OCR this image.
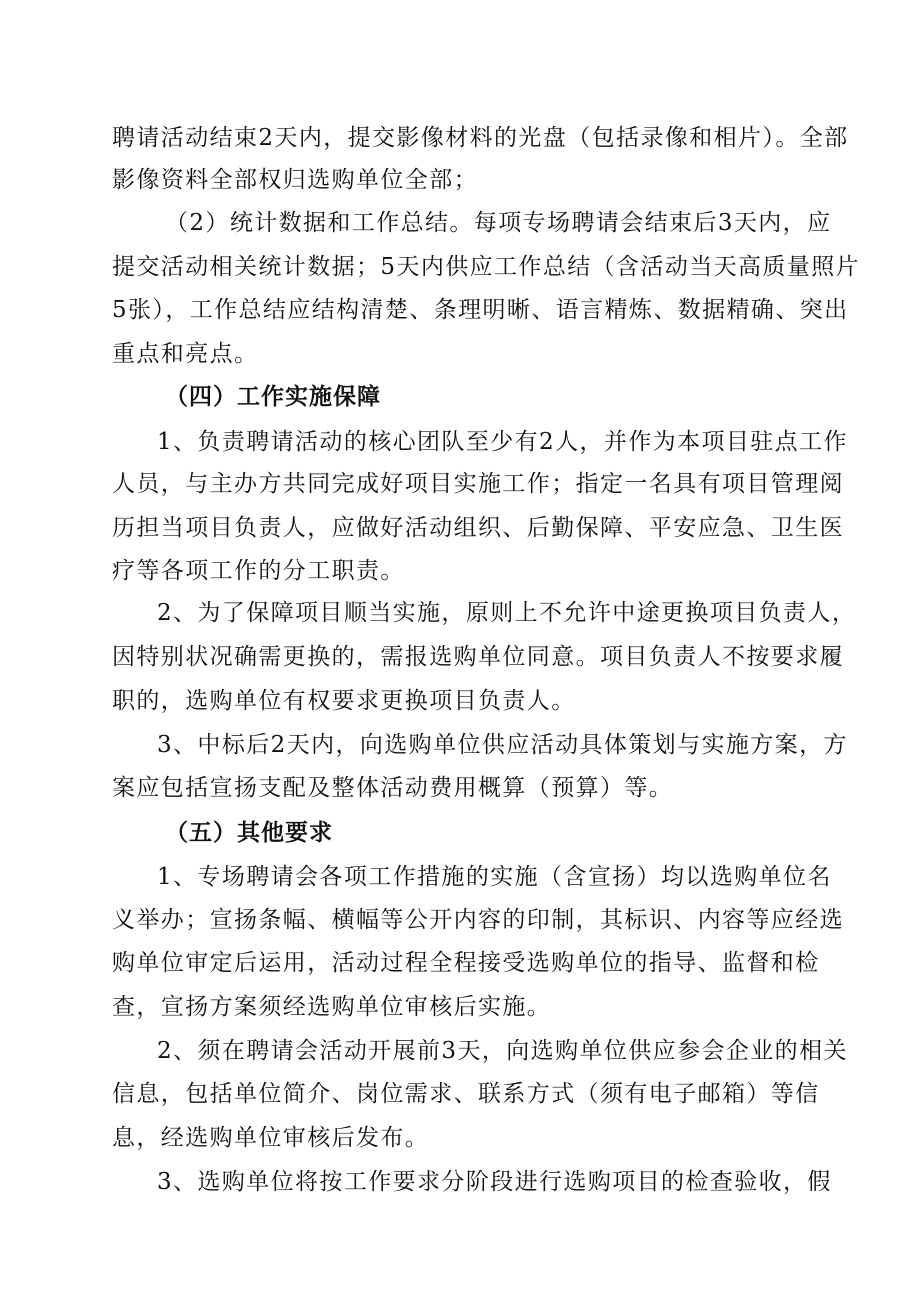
聘请活动结束2天内，提交影像材料的光盘（包括录像和相片）。全部
影像资料全部权归选购单位全部；
（2）统计数据和工作总结。每项专场聘请会结束后3天内，应
提交活动相关统计数据；5天内供应工作总结（含活动当天高质量照片
5张），工作总结应结构清楚、条理明晰、语言精炼、数据精确、突出
重点和亮点。
（四）工作实施保障
1、负责聘请活动的核心团队至少有2人，并作为本项目驻点工作
人员，与主办方共同完成好项目实施工作；指定一名具有项目管理阅
历担当项目负责人，应做好活动组织、后勤保障、平安应急、卫生医
疗等各项工作的分工职责。
2、为了保障项目顺当实施，原则上不允许中途更换项目负责人，
因特别状况确需更换的，需报选购单位同意。项目负责人不按要求履
职的，选购单位有权要求更换项目负责人。
3、中标后2天内，向选购单位供应活动具体策划与实施方案，方
案应包括宣扬支配及整体活动费用概算（预算）等。
（五）其他要求
1、专场聘请会各项工作措施的实施（含宣扬）均以选购单位名
义举办；宣扬条幅、横幅等公开内容的印制，其标识、内容等应经选
购单位审定后运用，活动过程全程接受选购单位的指导、监督和检
查，宣扬方案须经选购单位审核后实施。
2、须在聘请会活动开展前3天，向选购单位供应参会企业的相关
信息，包括单位简介、岗位需求、联系方式（须有电子邮箱）等信
息，经选购单位审核后发布。
3、选购单位将按工作要求分阶段进行选购项目的检查验收，假
